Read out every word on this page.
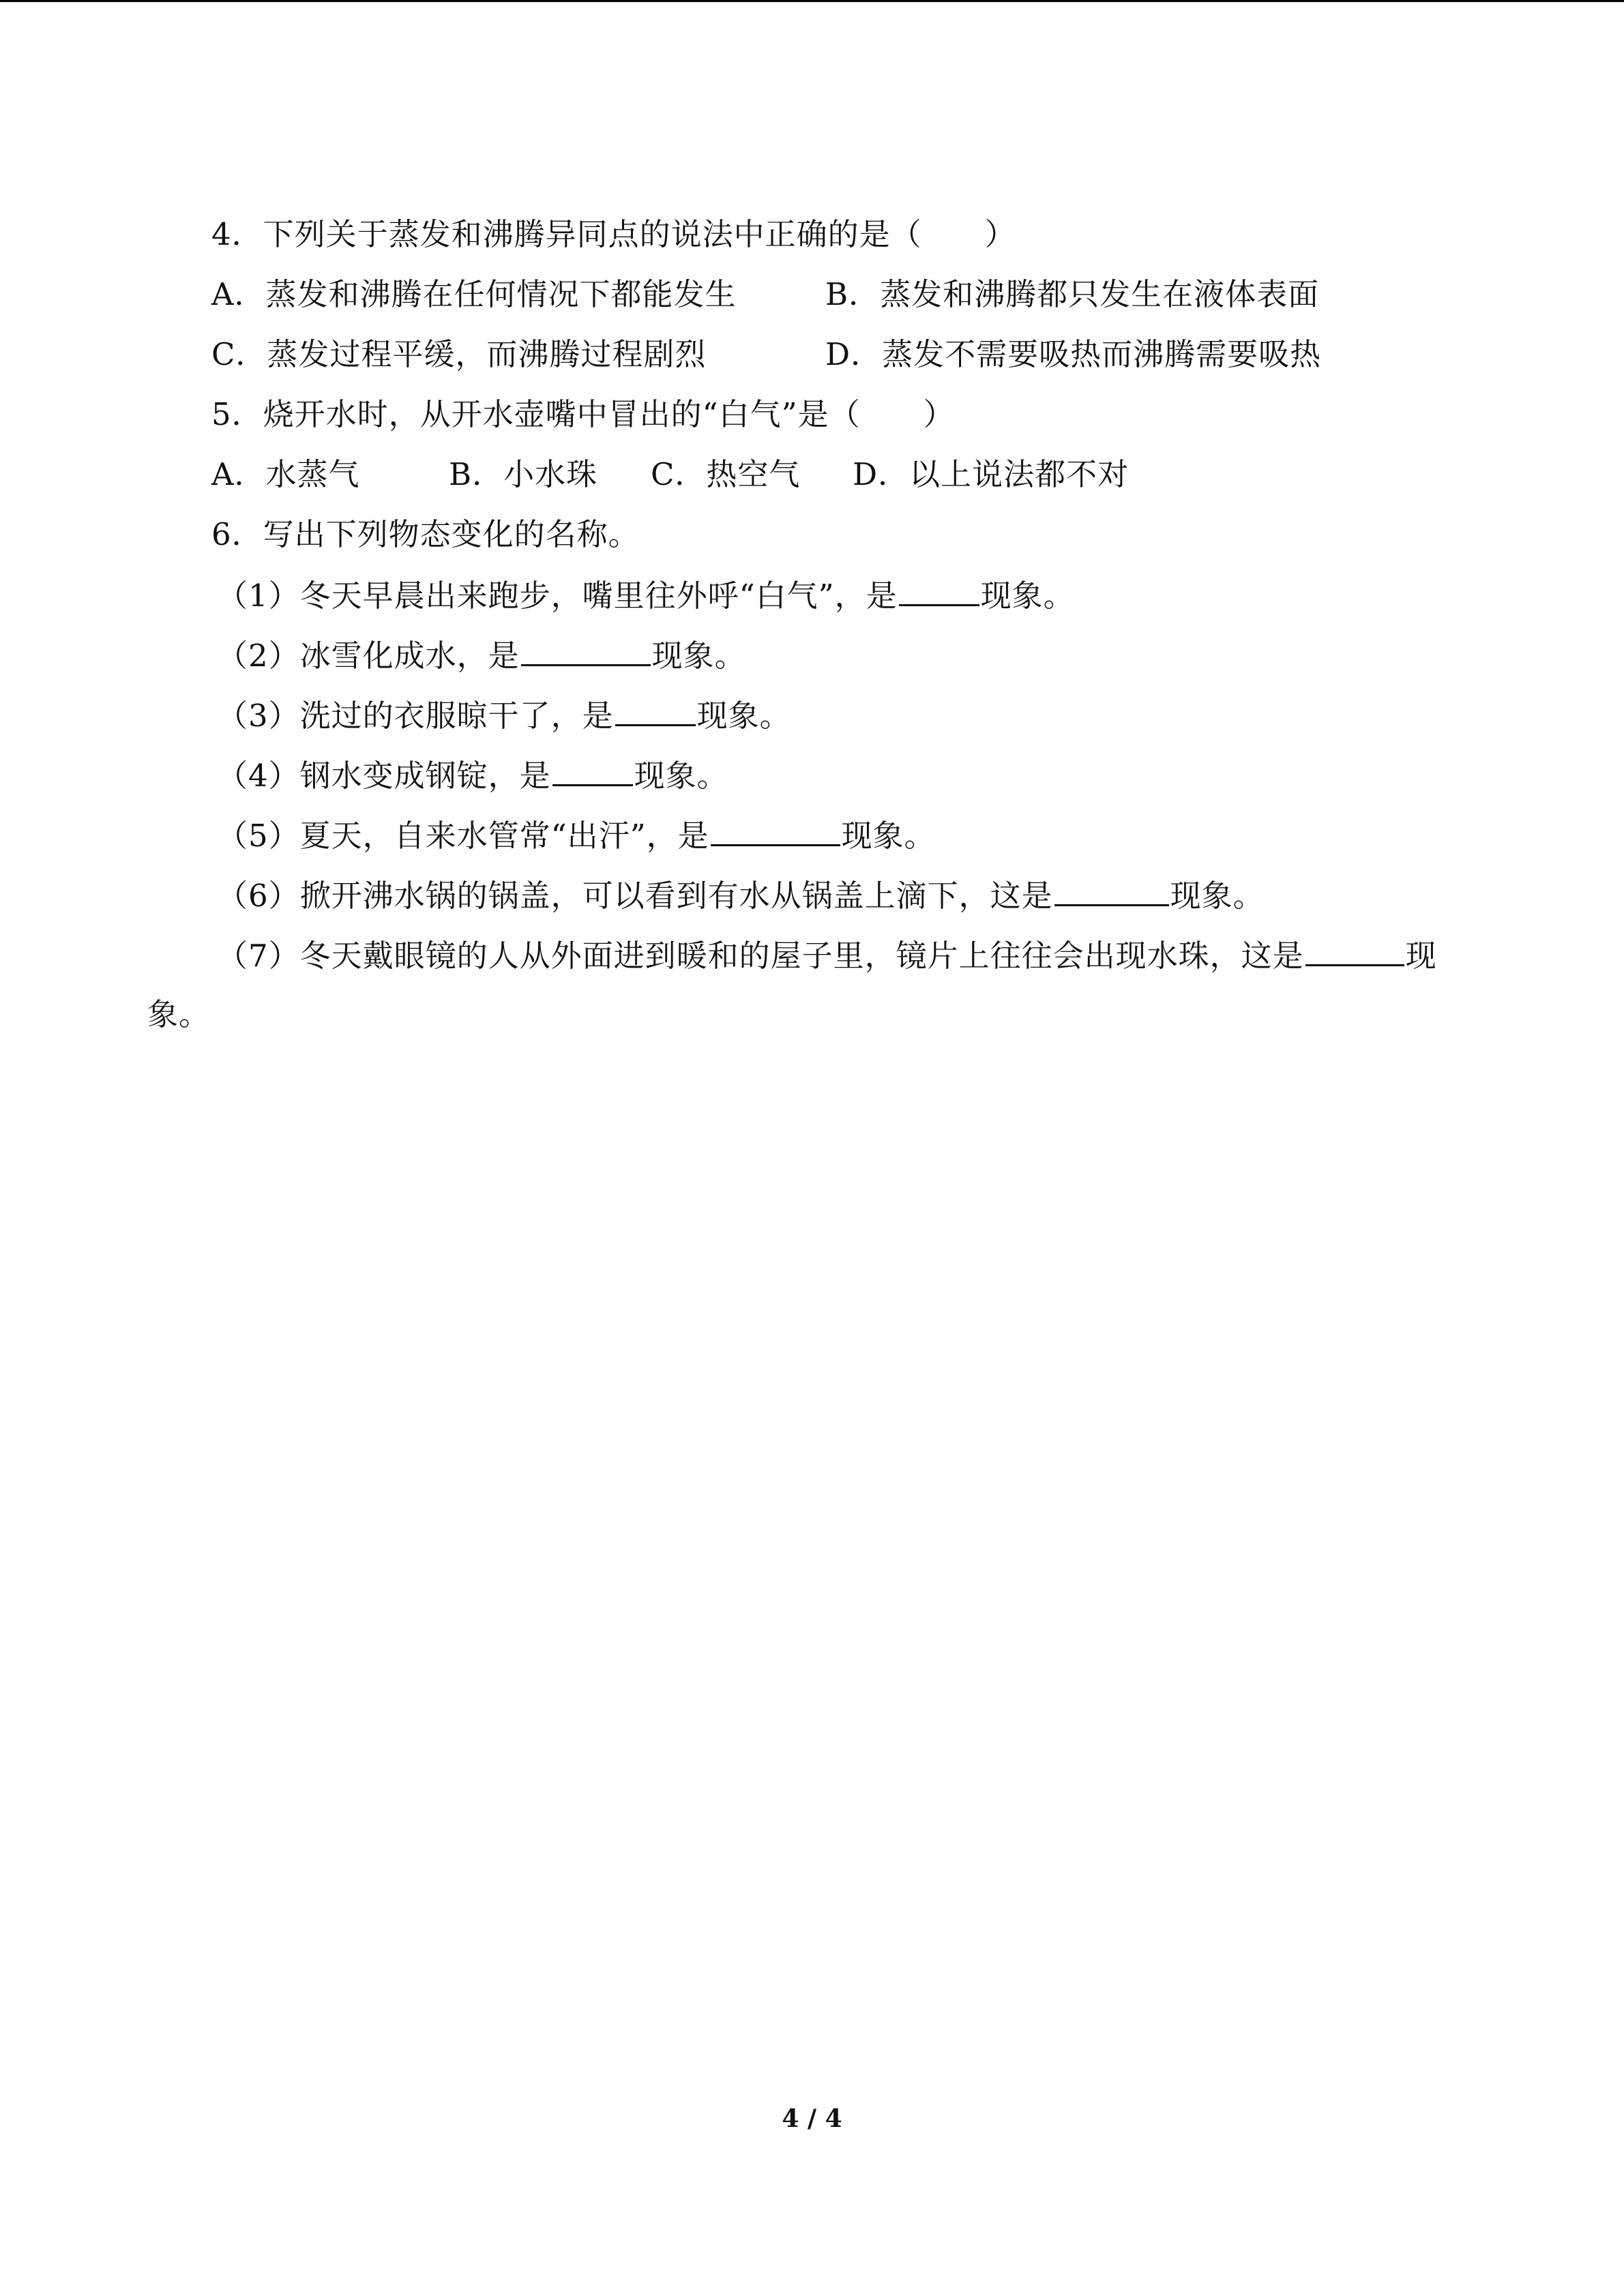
4．下列关于蒸发和沸腾异同点的说法中正确的是（　　）
A．蒸发和沸腾在任何情况下都能发生	B．蒸发和沸腾都只发生在液体表面
C．蒸发过程平缓，而沸腾过程剧烈	D．蒸发不需要吸热而沸腾需要吸热
5．烧开水时，从开水壶嘴中冒出的“白气”是（　　）
A．水蒸气	B．小水珠 C．热空气 D．以上说法都不对
6．写出下列物态变化的名称。
（1）冬天早晨出来跑步，嘴里往外呼“白气”，是	现象。
（2）冰雪化成水，是	现象。
（3）洗过的衣服晾干了，是	现象。
（4）钢水变成钢锭，是	现象。
（5）夏天，自来水管常“出汗”，是	现象。
（6）掀开沸水锅的锅盖，可以看到有水从锅盖上滴下，这是	现象。
（7）冬天戴眼镜的人从外面进到暖和的屋子里，镜片上往往会出现水珠，这是	现
象。
4 / 4
